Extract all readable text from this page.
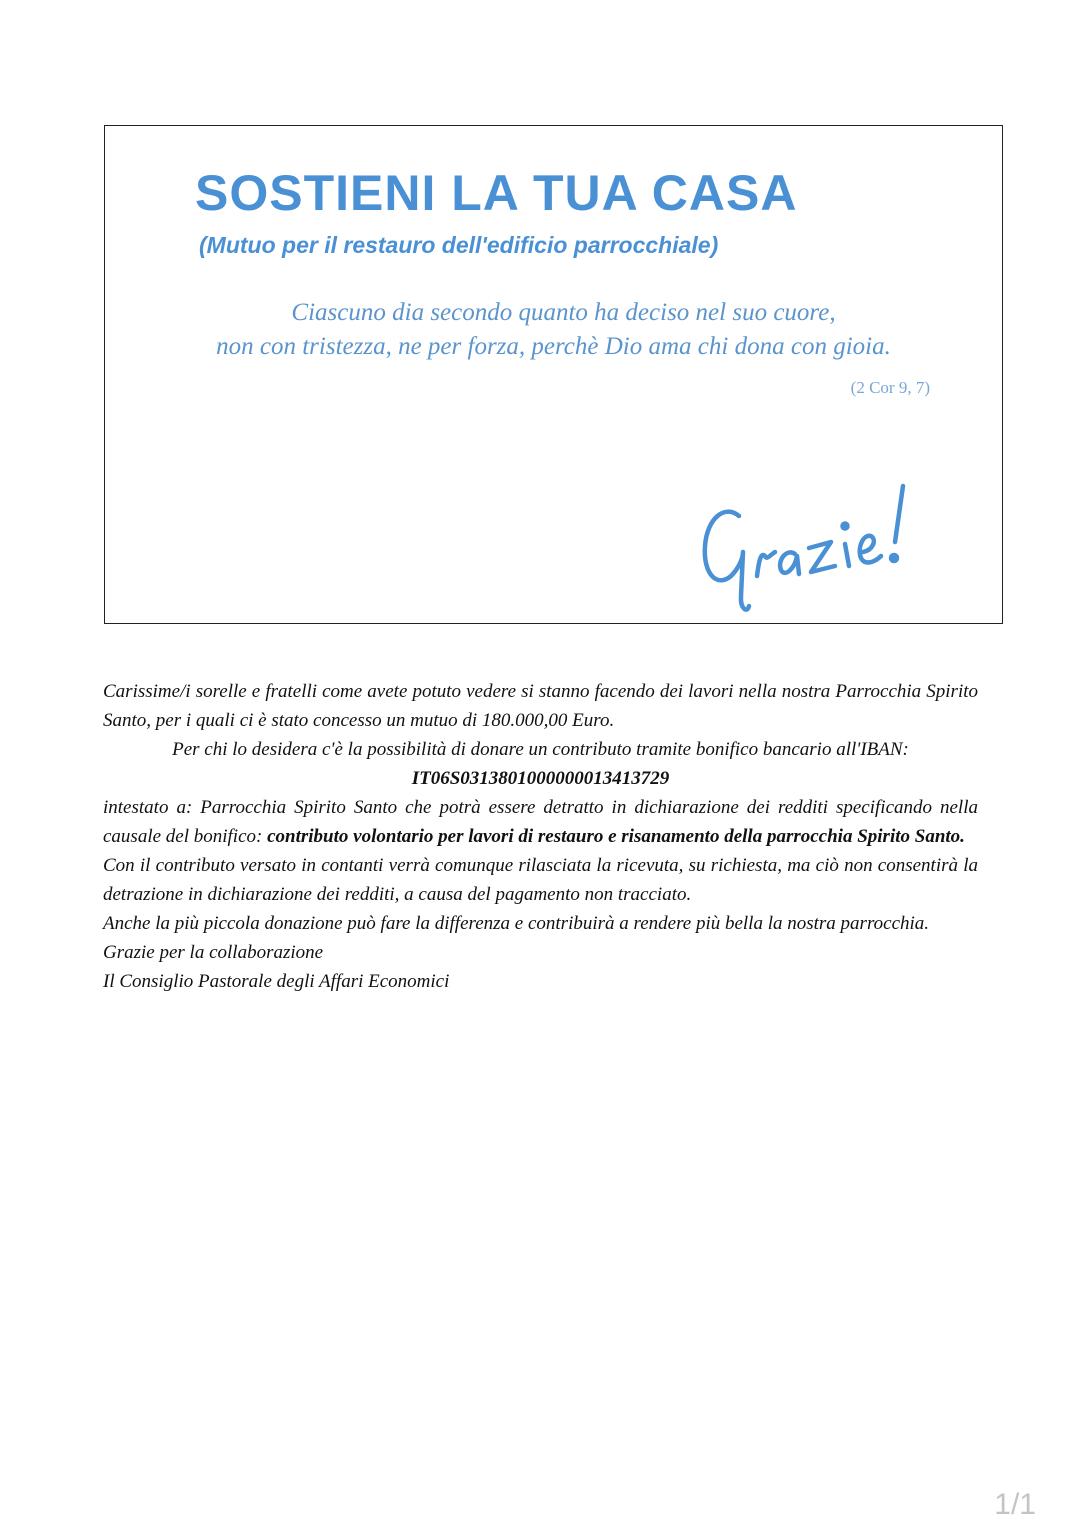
SOSTIENI LA TUA CASA
(Mutuo per il restauro dell'edificio parrocchiale)
Ciascuno dia secondo quanto ha deciso nel suo cuore,
non con tristezza, ne per forza, perchè Dio ama chi dona con gioia.
(2 Cor 9, 7)

Carissime/i sorelle e fratelli come avete potuto vedere si stanno facendo dei lavori nella nostra Parrocchia Spirito Santo, per i quali ci è stato concesso un mutuo di 180.000,00 Euro.

Per chi lo desidera c'è la possibilità di donare un contributo tramite bonifico bancario all'IBAN:

IT06S0313801000000013413729

intestato a: Parrocchia Spirito Santo che potrà essere detratto in dichiarazione dei redditi specificando nella causale del bonifico: contributo volontario per lavori di restauro e risanamento della parrocchia Spirito Santo.

Con il contributo versato in contanti verrà comunque rilasciata la ricevuta, su richiesta, ma ciò non consentirà la detrazione in dichiarazione dei redditi, a causa del pagamento non tracciato.

Anche la più piccola donazione può fare la differenza e contribuirà a rendere più bella la nostra parrocchia.

Grazie per la collaborazione

Il Consiglio Pastorale degli Affari Economici

1/1
